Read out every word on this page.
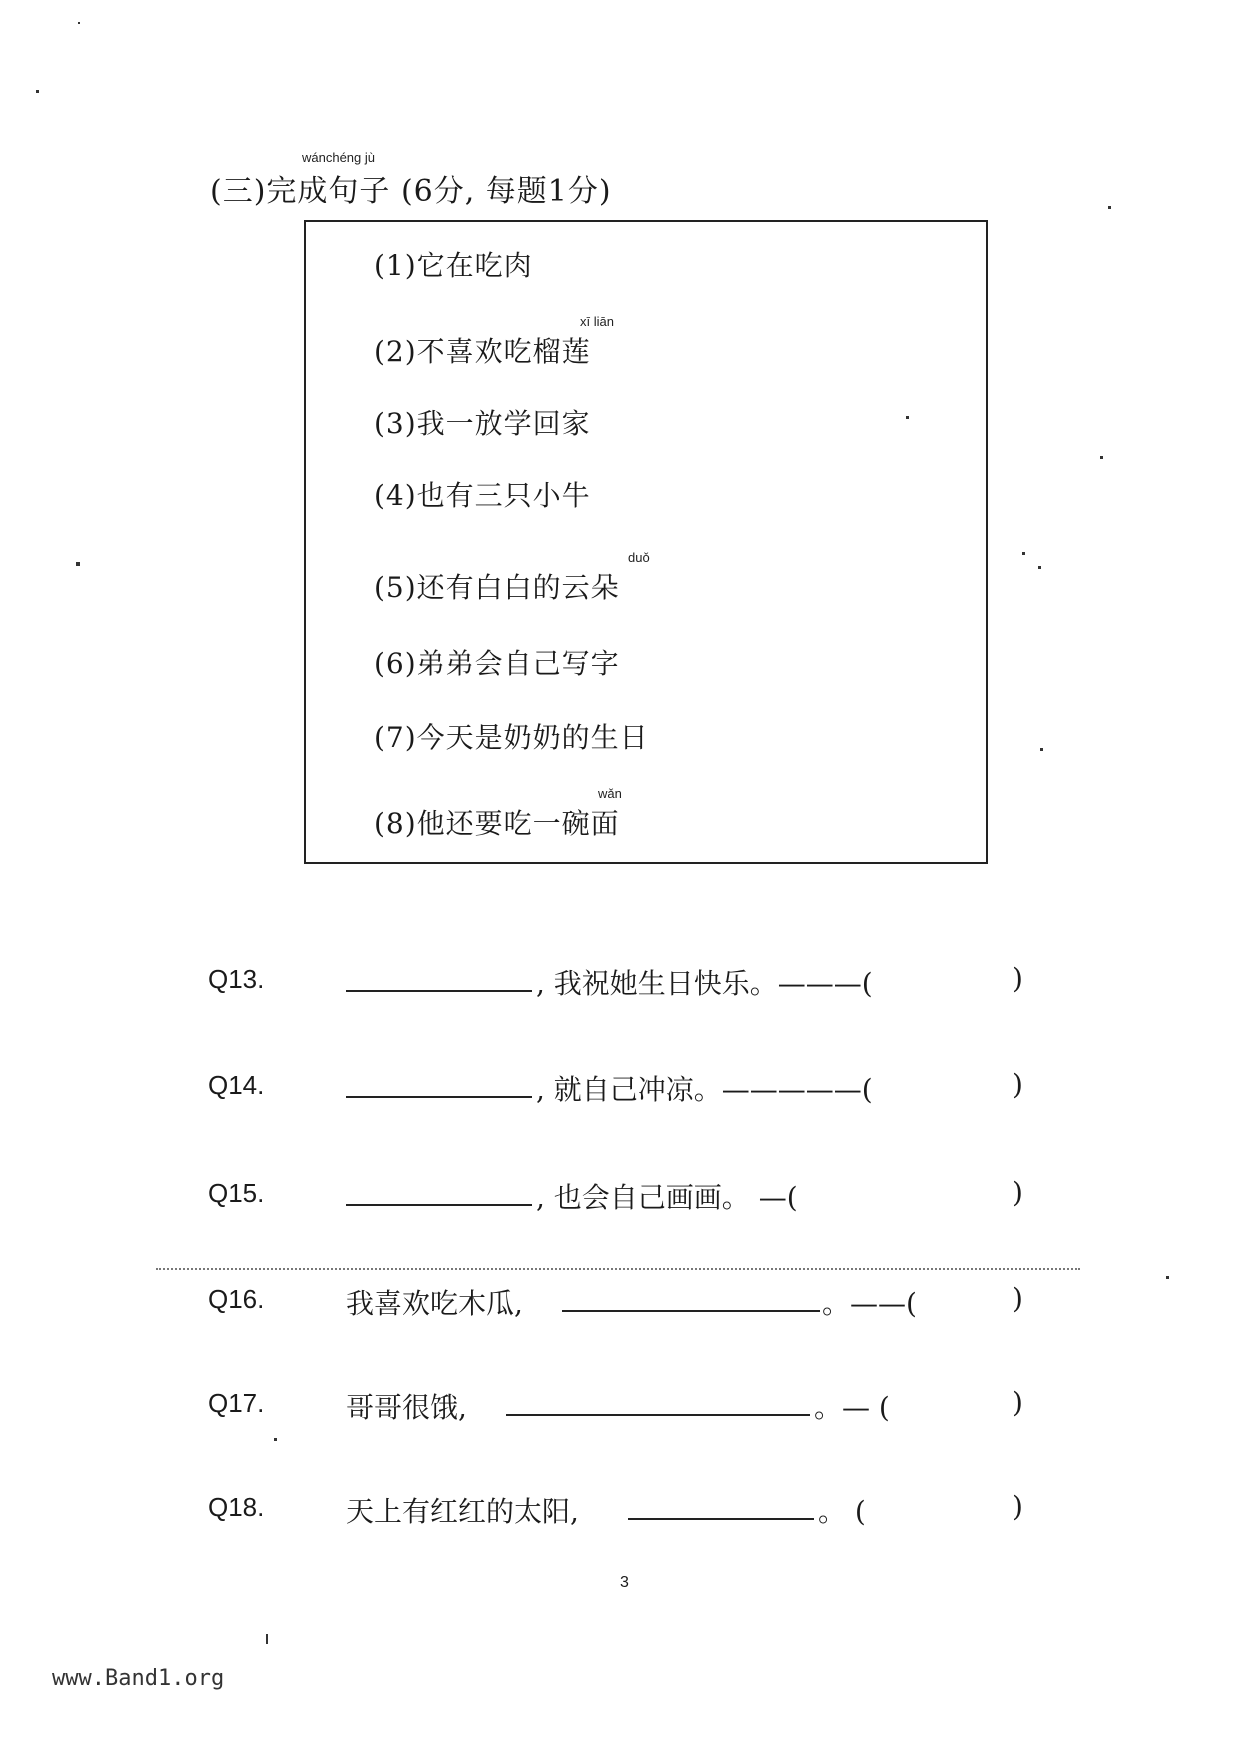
wánchéng jù
(三)完成句子 (6分, 每题1分)
xī liān
duǒ
wǎn
(1)它在吃肉
(2)不喜欢吃榴莲
(3)我一放学回家
(4)也有三只小牛
(5)还有白白的云朵
(6)弟弟会自己写字
(7)今天是奶奶的生日
(8)他还要吃一碗面
Q13.	, 我祝她生日快乐。———(	)
Q14.	, 就自己冲凉。—————(	)
Q15.	, 也会自己画画。 —(	)
Q16.	我喜欢吃木瓜,	。——(	)
Q17.	哥哥很饿,	。— (	)
Q18.	天上有红红的太阳,	。 (	)
3
www.Band1.org
